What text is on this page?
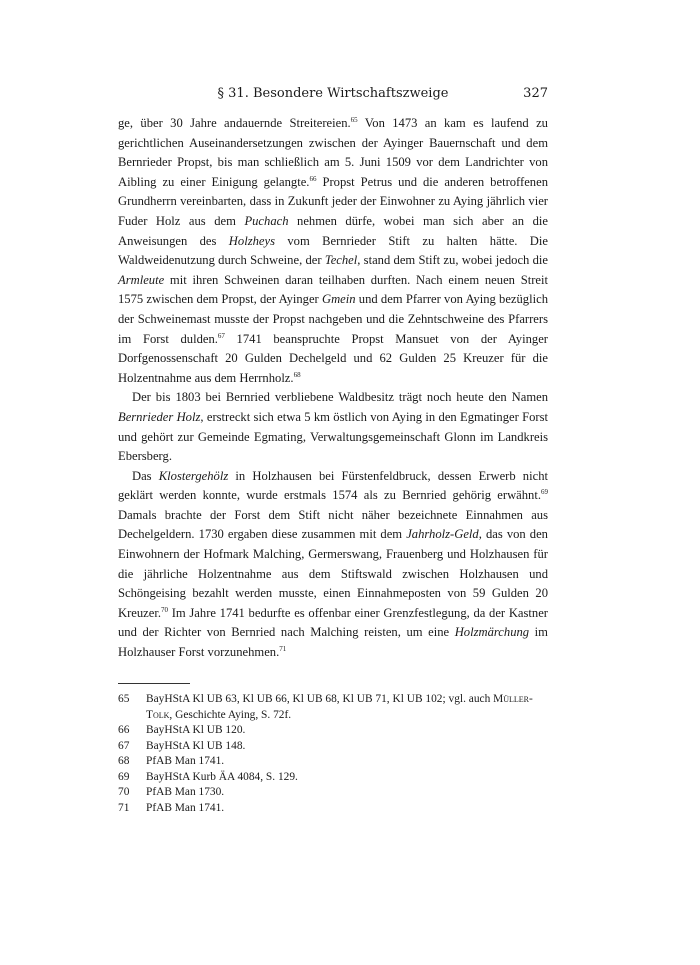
§ 31. Besondere Wirtschaftszweige	327

ge, über 30 Jahre andauernde Streitereien.$^{65}$ Von 1473 an kam es laufend zu gerichtlichen Auseinandersetzungen zwischen der Ayinger Bauernschaft und dem Bernrieder Propst, bis man schließlich am 5. Juni 1509 vor dem Landrichter von Aibling zu einer Einigung gelangte.$^{66}$ Propst Petrus und die anderen betroffenen Grundherrn vereinbarten, dass in Zukunft jeder der Einwohner zu Aying jährlich vier Fuder Holz aus dem Puchach nehmen dürfe, wobei man sich aber an die Anweisungen des Holzheys vom Bernrieder Stift zu halten hätte. Die Waldweidenutzung durch Schweine, der Techel, stand dem Stift zu, wobei jedoch die Armleute mit ihren Schweinen daran teilhaben durften. Nach einem neuen Streit 1575 zwischen dem Propst, der Ayinger Gmein und dem Pfarrer von Aying bezüglich der Schweinemast musste der Propst nachgeben und die Zehntschweine des Pfarrers im Forst dulden.$^{67}$ 1741 beanspruchte Propst Mansuet von der Ayinger Dorfgenossenschaft 20 Gulden Dechelgeld und 62 Gulden 25 Kreuzer für die Holzentnahme aus dem Herrnholz.$^{68}$

Der bis 1803 bei Bernried verbliebene Waldbesitz trägt noch heute den Namen Bernrieder Holz, erstreckt sich etwa 5 km östlich von Aying in den Egmatinger Forst und gehört zur Gemeinde Egmating, Verwaltungsgemeinschaft Glonn im Landkreis Ebersberg.

Das Klostergehölz in Holzhausen bei Fürstenfeldbruck, dessen Erwerb nicht geklärt werden konnte, wurde erstmals 1574 als zu Bernried gehörig erwähnt.$^{69}$ Damals brachte der Forst dem Stift nicht näher bezeichnete Einnahmen aus Dechelgeldern. 1730 ergaben diese zusammen mit dem Jahrholz-Geld, das von den Einwohnern der Hofmark Malching, Germerswang, Frauenberg und Holzhausen für die jährliche Holzentnahme aus dem Stiftswald zwischen Holzhausen und Schöngeising bezahlt werden musste, einen Einnahmeposten von 59 Gulden 20 Kreuzer.$^{70}$ Im Jahre 1741 bedurfte es offenbar einer Grenzfestlegung, da der Kastner und der Richter von Bernried nach Malching reisten, um eine Holzmärchung im Holzhauser Forst vorzunehmen.$^{71}$

65	BayHStA Kl UB 63, Kl UB 66, Kl UB 68, Kl UB 71, Kl UB 102; vgl. auch Müller-Tolk, Geschichte Aying, S. 72f.
66	BayHStA Kl UB 120.
67	BayHStA Kl UB 148.
68	PfAB Man 1741.
69	BayHStA Kurb ÄA 4084, S. 129.
70	PfAB Man 1730.
71	PfAB Man 1741.
